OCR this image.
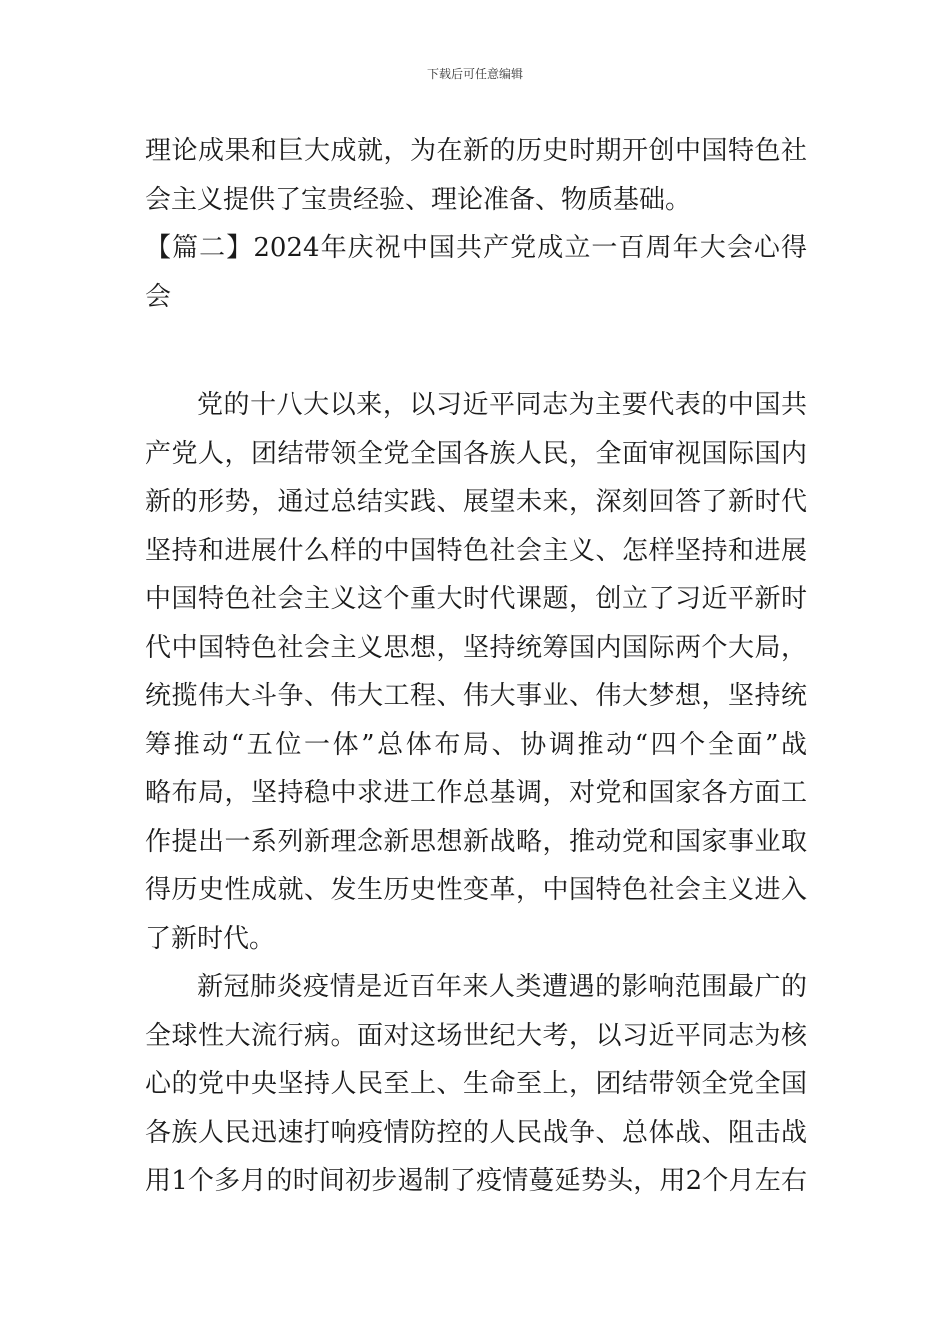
下载后可任意编辑
理论成果和巨大成就，为在新的历史时期开创中国特色社
会主义提供了宝贵经验、理论准备、物质基础。
【篇二】2024年庆祝中国共产党成立一百周年大会心得
会
党的十八大以来，以习近平同志为主要代表的中国共
产党人，团结带领全党全国各族人民，全面审视国际国内
新的形势，通过总结实践、展望未来，深刻回答了新时代
坚持和进展什么样的中国特色社会主义、怎样坚持和进展
中国特色社会主义这个重大时代课题，创立了习近平新时
代中国特色社会主义思想，坚持统筹国内国际两个大局，
统揽伟大斗争、伟大工程、伟大事业、伟大梦想，坚持统
筹推动“五位一体”总体布局、协调推动“四个全面”战
略布局，坚持稳中求进工作总基调，对党和国家各方面工
作提出一系列新理念新思想新战略，推动党和国家事业取
得历史性成就、发生历史性变革，中国特色社会主义进入
了新时代。
新冠肺炎疫情是近百年来人类遭遇的影响范围最广的
全球性大流行病。面对这场世纪大考，以习近平同志为核
心的党中央坚持人民至上、生命至上，团结带领全党全国
各族人民迅速打响疫情防控的人民战争、总体战、阻击战
用1个多月的时间初步遏制了疫情蔓延势头，用2个月左右
